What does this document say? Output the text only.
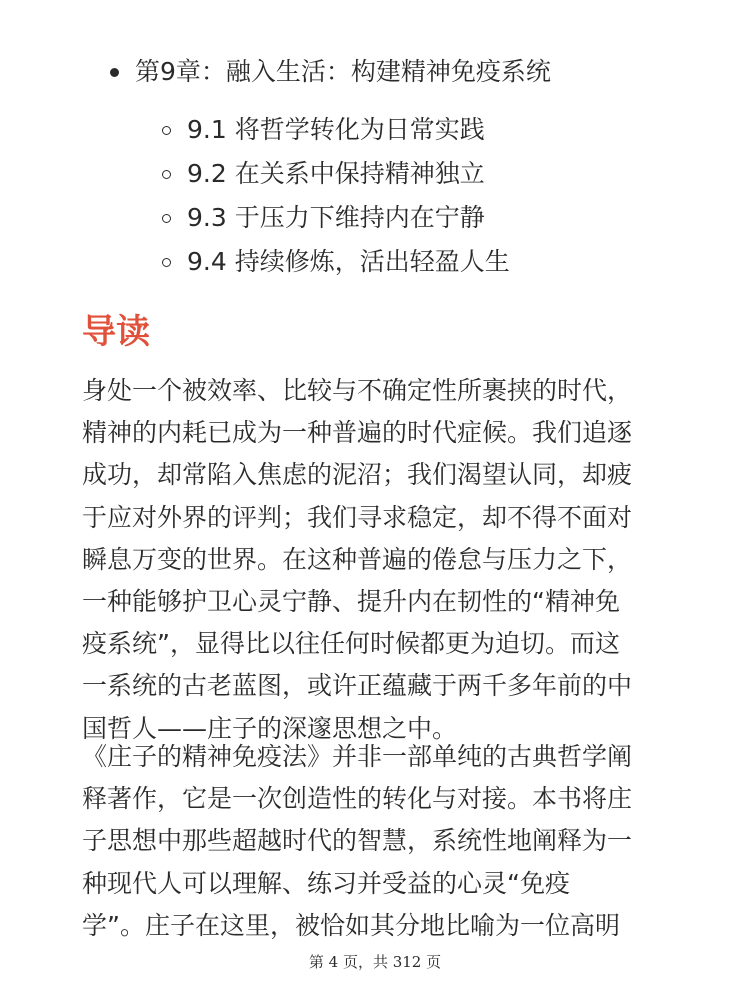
第9章：融入生活：构建精神免疫系统
9.1 将哲学转化为日常实践
9.2 在关系中保持精神独立
9.3 于压力下维持内在宁静
9.4 持续修炼，活出轻盈人生
导读

身处一个被效率、比较与不确定性所裹挟的时代，
精神的内耗已成为一种普遍的时代症候。我们追逐
成功，却常陷入焦虑的泥沼；我们渴望认同，却疲
于应对外界的评判；我们寻求稳定，却不得不面对
瞬息万变的世界。在这种普遍的倦怠与压力之下，
一种能够护卫心灵宁静、提升内在韧性的“精神免
疫系统”，显得比以往任何时候都更为迫切。而这
一系统的古老蓝图，或许正蕴藏于两千多年前的中
国哲人——庄子的深邃思想之中。

《庄子的精神免疫法》并非一部单纯的古典哲学阐
释著作，它是一次创造性的转化与对接。本书将庄
子思想中那些超越时代的智慧，系统性地阐释为一
种现代人可以理解、练习并受益的心灵“免疫
学”。庄子在这里，被恰如其分地比喻为一位高明

第 4 页，共 312 页
